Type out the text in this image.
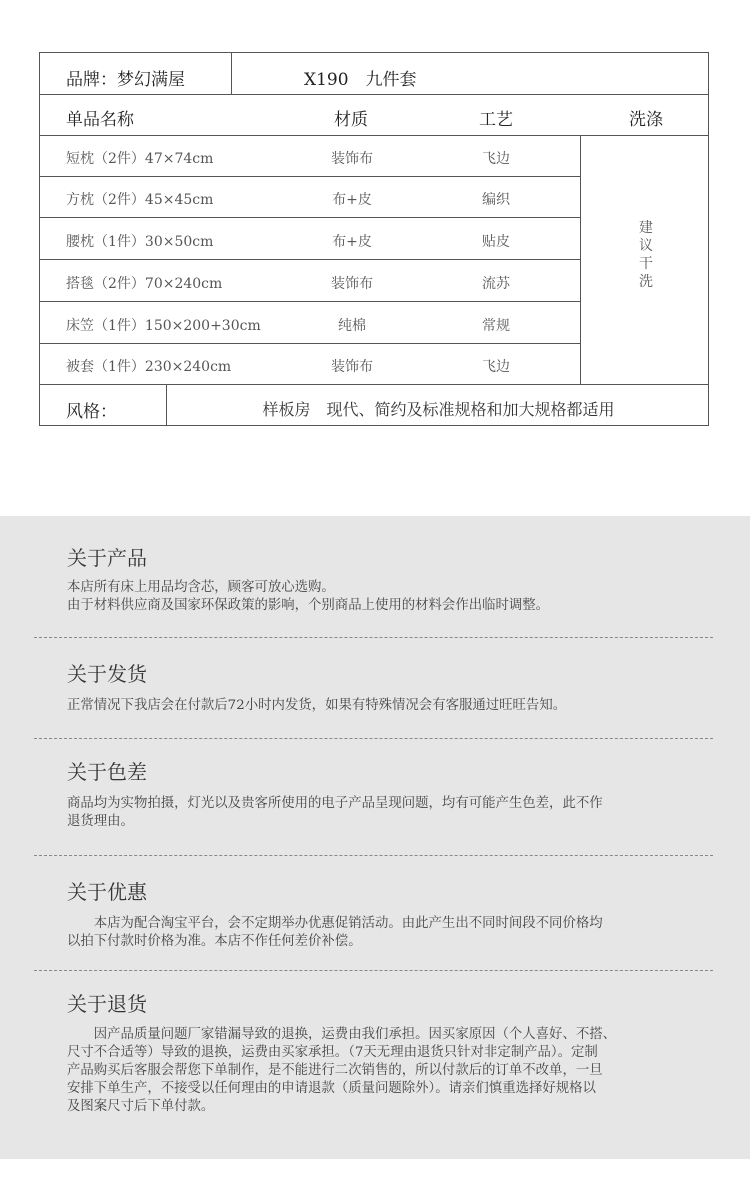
品牌：梦幻满屋	X190　九件套
单品名称	材质	工艺	洗涤
短枕（2件）47×74cm	装饰布	飞边
方枕（2件）45×45cm	布+皮	编织
腰枕（1件）30×50cm	布+皮	贴皮
搭毯（2件）70×240cm	装饰布	流苏
床笠（1件）150×200+30cm	纯棉	常规
被套（1件）230×240cm	装饰布	飞边
建议干洗
风格：	样板房　现代、简约及标准规格和加大规格都适用
关于产品

本店所有床上用品均含芯，顾客可放心选购。

由于材料供应商及国家环保政策的影响，个别商品上使用的材料会作出临时调整。

关于发货

正常情况下我店会在付款后72小时内发货，如果有特殊情况会有客服通过旺旺告知。

关于色差

商品均为实物拍摄，灯光以及贵客所使用的电子产品呈现问题，均有可能产生色差，此不作

退货理由。

关于优惠

　　本店为配合淘宝平台，会不定期举办优惠促销活动。由此产生出不同时间段不同价格均

以拍下付款时价格为准。本店不作任何差价补偿。

关于退货

　　因产品质量问题厂家错漏导致的退换，运费由我们承担。因买家原因（个人喜好、不搭、

尺寸不合适等）导致的退换，运费由买家承担。（7天无理由退货只针对非定制产品）。定制

产品购买后客服会帮您下单制作，是不能进行二次销售的，所以付款后的订单不改单，一旦

安排下单生产，不接受以任何理由的申请退款（质量问题除外）。请亲们慎重选择好规格以

及图案尺寸后下单付款。
